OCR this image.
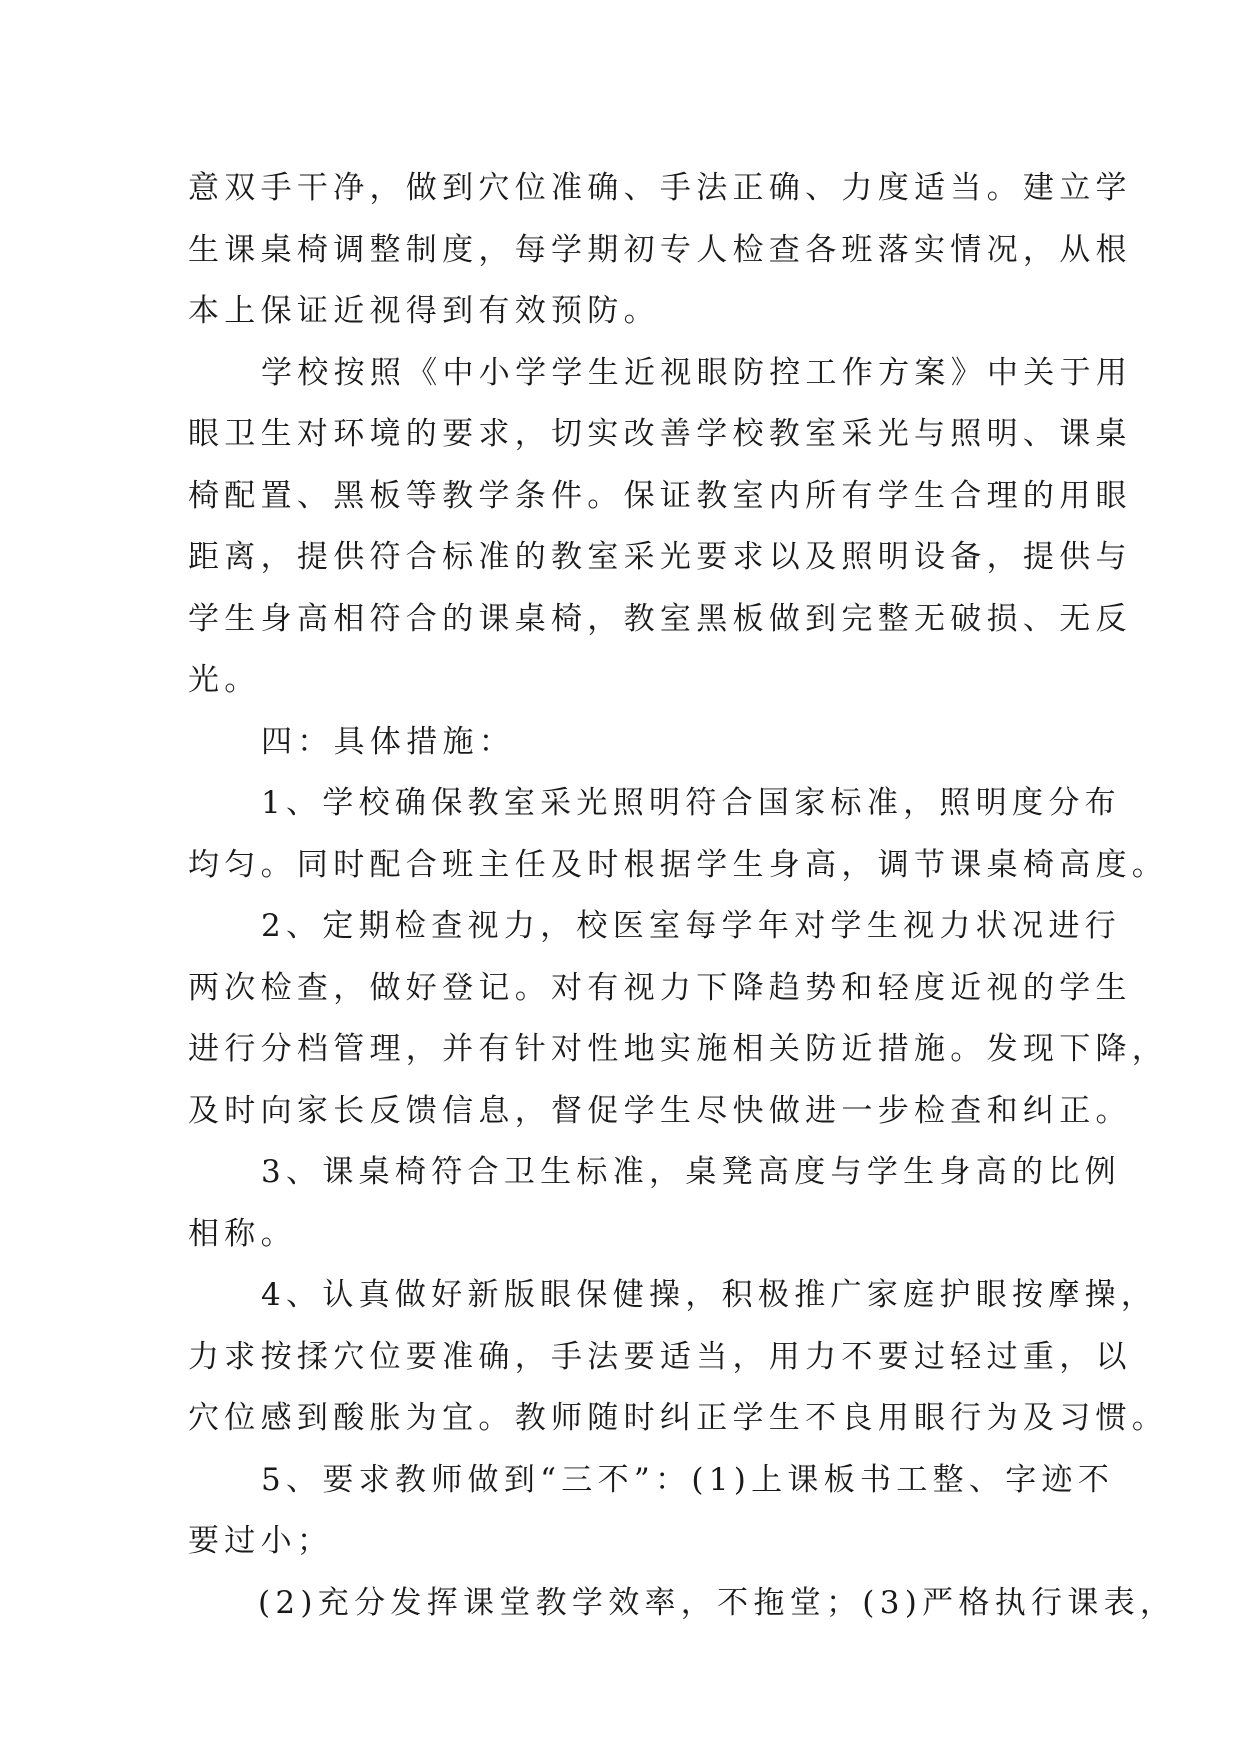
意双手干净，做到穴位准确、手法正确、力度适当。建立学
生课桌椅调整制度，每学期初专人检查各班落实情况，从根
本上保证近视得到有效预防。
学校按照《中小学学生近视眼防控工作方案》中关于用
眼卫生对环境的要求，切实改善学校教室采光与照明、课桌
椅配置、黑板等教学条件。保证教室内所有学生合理的用眼
距离，提供符合标准的教室采光要求以及照明设备，提供与
学生身高相符合的课桌椅，教室黑板做到完整无破损、无反
光。
四：具体措施：
1、学校确保教室采光照明符合国家标准，照明度分布
均匀。同时配合班主任及时根据学生身高，调节课桌椅高度。
2、定期检查视力，校医室每学年对学生视力状况进行
两次检查，做好登记。对有视力下降趋势和轻度近视的学生
进行分档管理，并有针对性地实施相关防近措施。发现下降，
及时向家长反馈信息，督促学生尽快做进一步检查和纠正。
3、课桌椅符合卫生标准，桌凳高度与学生身高的比例
相称。
4、认真做好新版眼保健操，积极推广家庭护眼按摩操，
力求按揉穴位要准确，手法要适当，用力不要过轻过重，以
穴位感到酸胀为宜。教师随时纠正学生不良用眼行为及习惯。
5、要求教师做到“三不”：(1)上课板书工整、字迹不
要过小；
(2)充分发挥课堂教学效率，不拖堂；(3)严格执行课表，
